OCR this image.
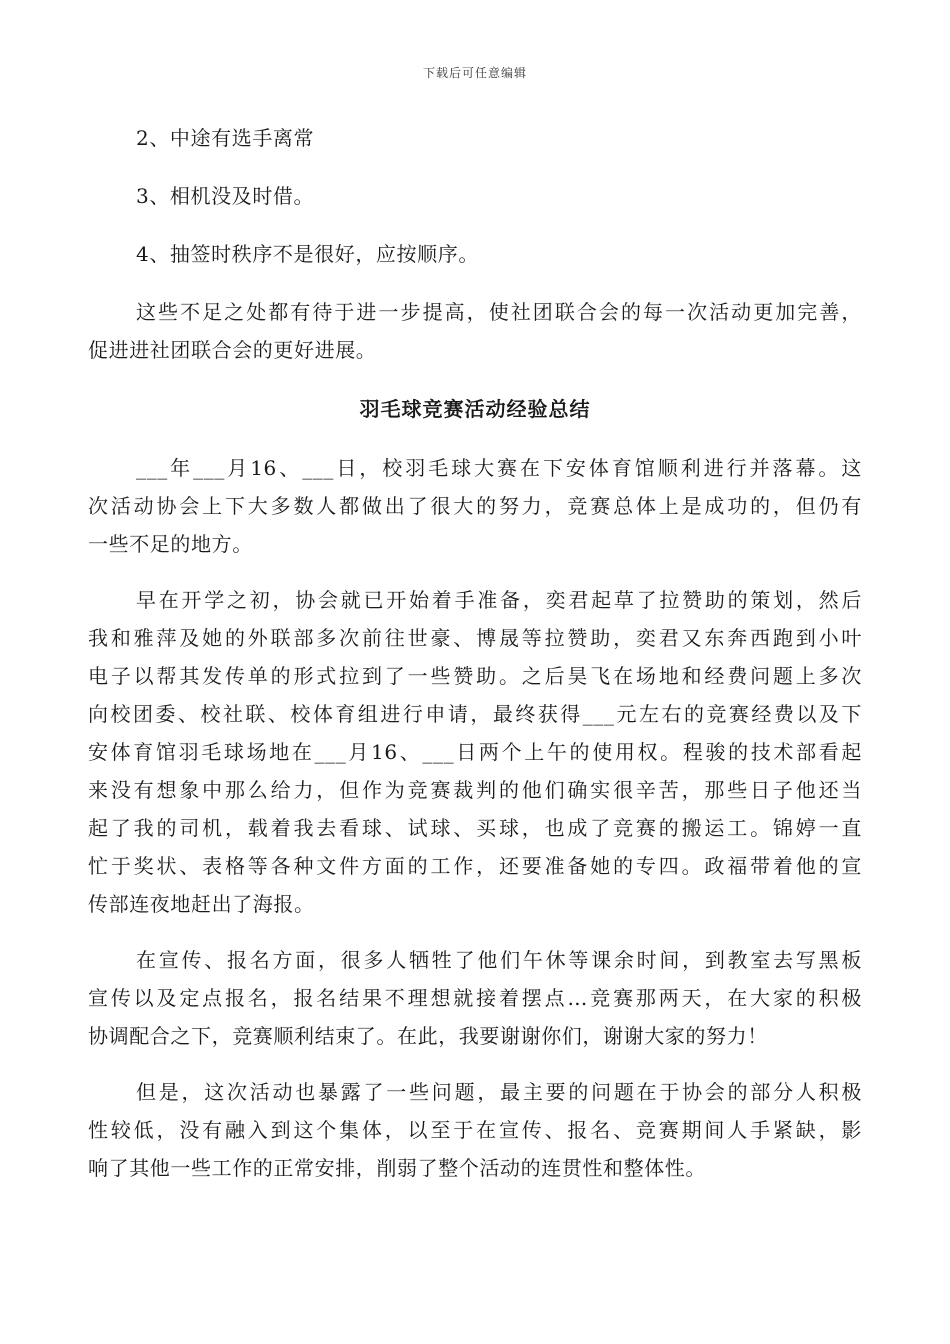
下载后可任意编辑
2、中途有选手离常
3、相机没及时借。
4、抽签时秩序不是很好，应按顺序。
这些不足之处都有待于进一步提高，使社团联合会的每一次活动更加完善，
促进进社团联合会的更好进展。
羽毛球竞赛活动经验总结
___年___月16、___日，校羽毛球大赛在下安体育馆顺利进行并落幕。这
次活动协会上下大多数人都做出了很大的努力，竞赛总体上是成功的，但仍有
一些不足的地方。
早在开学之初，协会就已开始着手准备，奕君起草了拉赞助的策划，然后
我和雅萍及她的外联部多次前往世豪、博晟等拉赞助，奕君又东奔西跑到小叶
电子以帮其发传单的形式拉到了一些赞助。之后昊飞在场地和经费问题上多次
向校团委、校社联、校体育组进行申请，最终获得___元左右的竞赛经费以及下
安体育馆羽毛球场地在___月16、___日两个上午的使用权。程骏的技术部看起
来没有想象中那么给力，但作为竞赛裁判的他们确实很辛苦，那些日子他还当
起了我的司机，载着我去看球、试球、买球，也成了竞赛的搬运工。锦婷一直
忙于奖状、表格等各种文件方面的工作，还要准备她的专四。政福带着他的宣
传部连夜地赶出了海报。
在宣传、报名方面，很多人牺牲了他们午休等课余时间，到教室去写黑板
宣传以及定点报名，报名结果不理想就接着摆点…竞赛那两天，在大家的积极
协调配合之下，竞赛顺利结束了。在此，我要谢谢你们，谢谢大家的努力！
但是，这次活动也暴露了一些问题，最主要的问题在于协会的部分人积极
性较低，没有融入到这个集体，以至于在宣传、报名、竞赛期间人手紧缺，影
响了其他一些工作的正常安排，削弱了整个活动的连贯性和整体性。
